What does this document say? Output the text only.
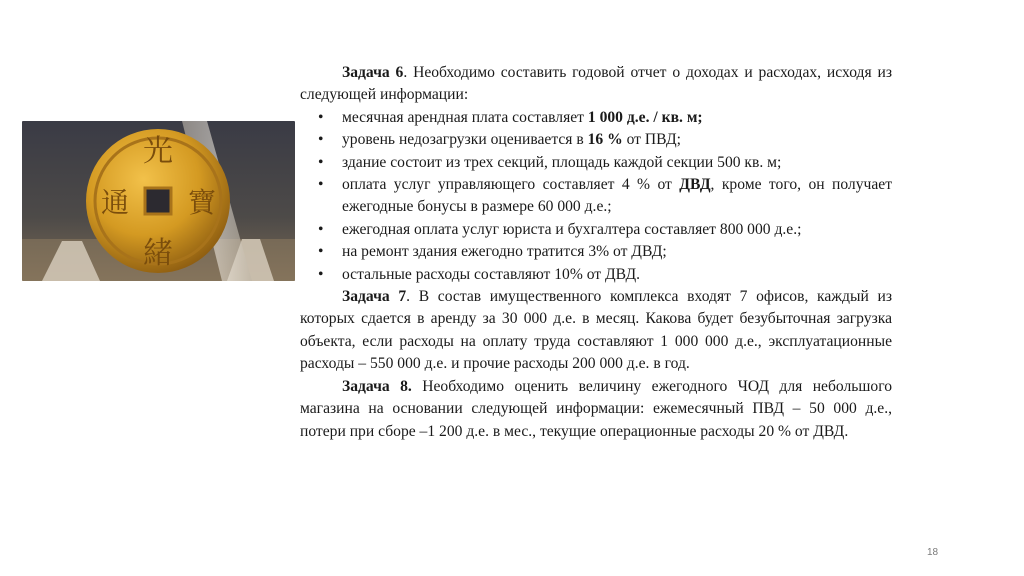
光
緒
通 寶

Задача 6. Необходимо составить годовой отчет о доходах и расходах, исходя из следующей информации:

• месячная арендная плата составляет 1 000 д.е. / кв. м;
• уровень недозагрузки оценивается в 16 % от ПВД;
• здание состоит из трех секций, площадь каждой секции 500 кв. м;
• оплата услуг управляющего составляет 4 % от ДВД, кроме того, он получает ежегодные бонусы в размере 60 000 д.е.;
• ежегодная оплата услуг юриста и бухгалтера составляет 800 000 д.е.;
• на ремонт здания ежегодно тратится 3% от ДВД;
• остальные расходы составляют 10% от ДВД.

Задача 7. В состав имущественного комплекса входят 7 офисов, каждый из которых сдается в аренду за 30 000 д.е. в месяц. Какова будет безубыточная загрузка объекта, если расходы на оплату труда составляют 1 000 000 д.е., эксплуатационные расходы – 550 000 д.е. и прочие расходы 200 000 д.е. в год.

Задача 8. Необходимо оценить величину ежегодного ЧОД для небольшого магазина на основании следующей информации: ежемесячный ПВД – 50 000 д.е., потери при сборе –1 200 д.е. в мес., текущие операционные расходы 20 % от ДВД.

18
